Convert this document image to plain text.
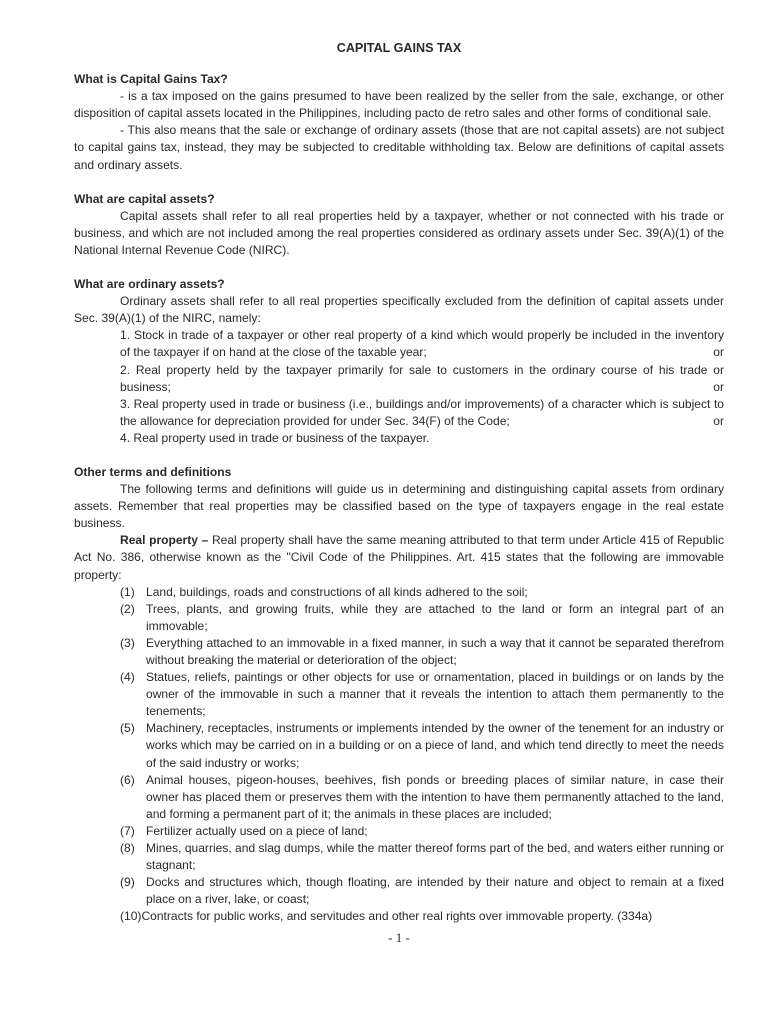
CAPITAL GAINS TAX

What is Capital Gains Tax?

- is a tax imposed on the gains presumed to have been realized by the seller from the sale, exchange, or other disposition of capital assets located in the Philippines, including pacto de retro sales and other forms of conditional sale.

- This also means that the sale or exchange of ordinary assets (those that are not capital assets) are not subject to capital gains tax, instead, they may be subjected to creditable withholding tax. Below are definitions of capital assets and ordinary assets.

What are capital assets?

Capital assets shall refer to all real properties held by a taxpayer, whether or not connected with his trade or business, and which are not included among the real properties considered as ordinary assets under Sec. 39(A)(1) of the National Internal Revenue Code (NIRC).

What are ordinary assets?

Ordinary assets shall refer to all real properties specifically excluded from the definition of capital assets under Sec. 39(A)(1) of the NIRC, namely:

1. Stock in trade of a taxpayer or other real property of a kind which would properly be included in the inventory of the taxpayer if on hand at the close of the taxable year;	or

2. Real property held by the taxpayer primarily for sale to customers in the ordinary course of his trade or business;	or

3. Real property used in trade or business (i.e., buildings and/or improvements) of a character which is subject to the allowance for depreciation provided for under Sec. 34(F) of the Code;	or

4. Real property used in trade or business of the taxpayer.

Other terms and definitions

The following terms and definitions will guide us in determining and distinguishing capital assets from ordinary assets. Remember that real properties may be classified based on the type of taxpayers engage in the real estate business.

Real property – Real property shall have the same meaning attributed to that term under Article 415 of Republic Act No. 386, otherwise known as the "Civil Code of the Philippines. Art. 415 states that the following are immovable property:

(1) Land, buildings, roads and constructions of all kinds adhered to the soil;
(2) Trees, plants, and growing fruits, while they are attached to the land or form an integral part of an immovable;
(3) Everything attached to an immovable in a fixed manner, in such a way that it cannot be separated therefrom without breaking the material or deterioration of the object;
(4) Statues, reliefs, paintings or other objects for use or ornamentation, placed in buildings or on lands by the owner of the immovable in such a manner that it reveals the intention to attach them permanently to the tenements;
(5) Machinery, receptacles, instruments or implements intended by the owner of the tenement for an industry or works which may be carried on in a building or on a piece of land, and which tend directly to meet the needs of the said industry or works;
(6) Animal houses, pigeon-houses, beehives, fish ponds or breeding places of similar nature, in case their owner has placed them or preserves them with the intention to have them permanently attached to the land, and forming a permanent part of it; the animals in these places are included;
(7) Fertilizer actually used on a piece of land;
(8) Mines, quarries, and slag dumps, while the matter thereof forms part of the bed, and waters either running or stagnant;
(9) Docks and structures which, though floating, are intended by their nature and object to remain at a fixed place on a river, lake, or coast;
(10) Contracts for public works, and servitudes and other real rights over immovable property. (334a)
- 1 -
